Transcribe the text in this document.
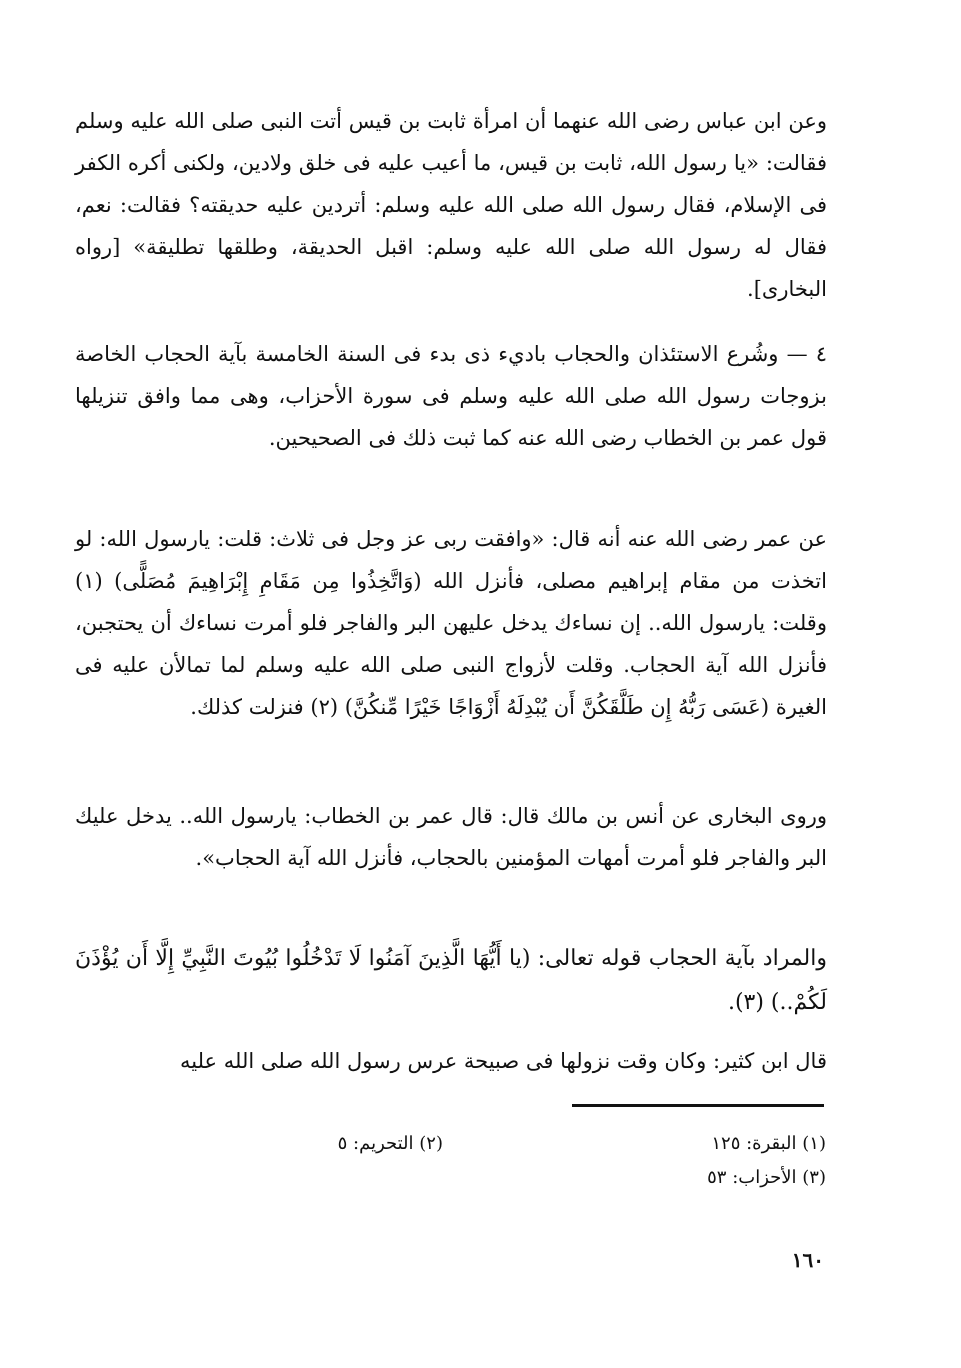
وعن ابن عباس رضى الله عنهما أن امرأة ثابت بن قيس أتت النبى صلى الله عليه وسلم فقالت: «يا رسول الله، ثابت بن قيس، ما أعيب عليه فى خلق ولادين، ولكنى أكره الكفر فى الإسلام، فقال رسول الله صلى الله عليه وسلم: أتردين عليه حديقته؟ فقالت: نعم، فقال له رسول الله صلى الله عليه وسلم: اقبل الحديقة، وطلقها تطليقة» [رواه البخارى].

٤ — وشُرع الاستئذان والحجاب باديء ذى بدء فى السنة الخامسة بآية الحجاب الخاصة بزوجات رسول الله صلى الله عليه وسلم فى سورة الأحزاب، وهى مما وافق تنزيلها قول عمر بن الخطاب رضى الله عنه كما ثبت ذلك فى الصحيحين.

عن عمر رضى الله عنه أنه قال: «وافقت ربى عز وجل فى ثلاث: قلت: يارسول الله: لو اتخذت من مقام إبراهيم مصلى، فأنزل الله (وَاتَّخِذُوا مِن مَقَامِ إِبْرَاهِيمَ مُصَلًّى) (١) وقلت: يارسول الله.. إن نساءك يدخل عليهن البر والفاجر فلو أمرت نساءك أن يحتجبن، فأنزل الله آية الحجاب. وقلت لأزواج النبى صلى الله عليه وسلم لما تمالأن عليه فى الغيرة (عَسَى رَبُّهُ إِن طَلَّقَكُنَّ أَن يُبْدِلَهُ أَزْوَاجًا خَيْرًا مِّنكُنَّ) (٢) فنزلت كذلك.

وروى البخارى عن أنس بن مالك قال: قال عمر بن الخطاب: يارسول الله.. يدخل عليك البر والفاجر فلو أمرت أمهات المؤمنين بالحجاب، فأنزل الله آية الحجاب».

والمراد بآية الحجاب قوله تعالى: (يا أَيُّهَا الَّذِينَ آمَنُوا لَا تَدْخُلُوا بُيُوتَ النَّبِيِّ إِلَّا أَن يُؤْذَنَ لَكُمْ..) (٣).

قال ابن كثير: وكان وقت نزولها فى صبيحة عرس رسول الله صلى الله عليه

(١) البقرة: ١٢٥
(٢) التحريم: ٥
(٣) الأحزاب: ٥٣
١٦٠
